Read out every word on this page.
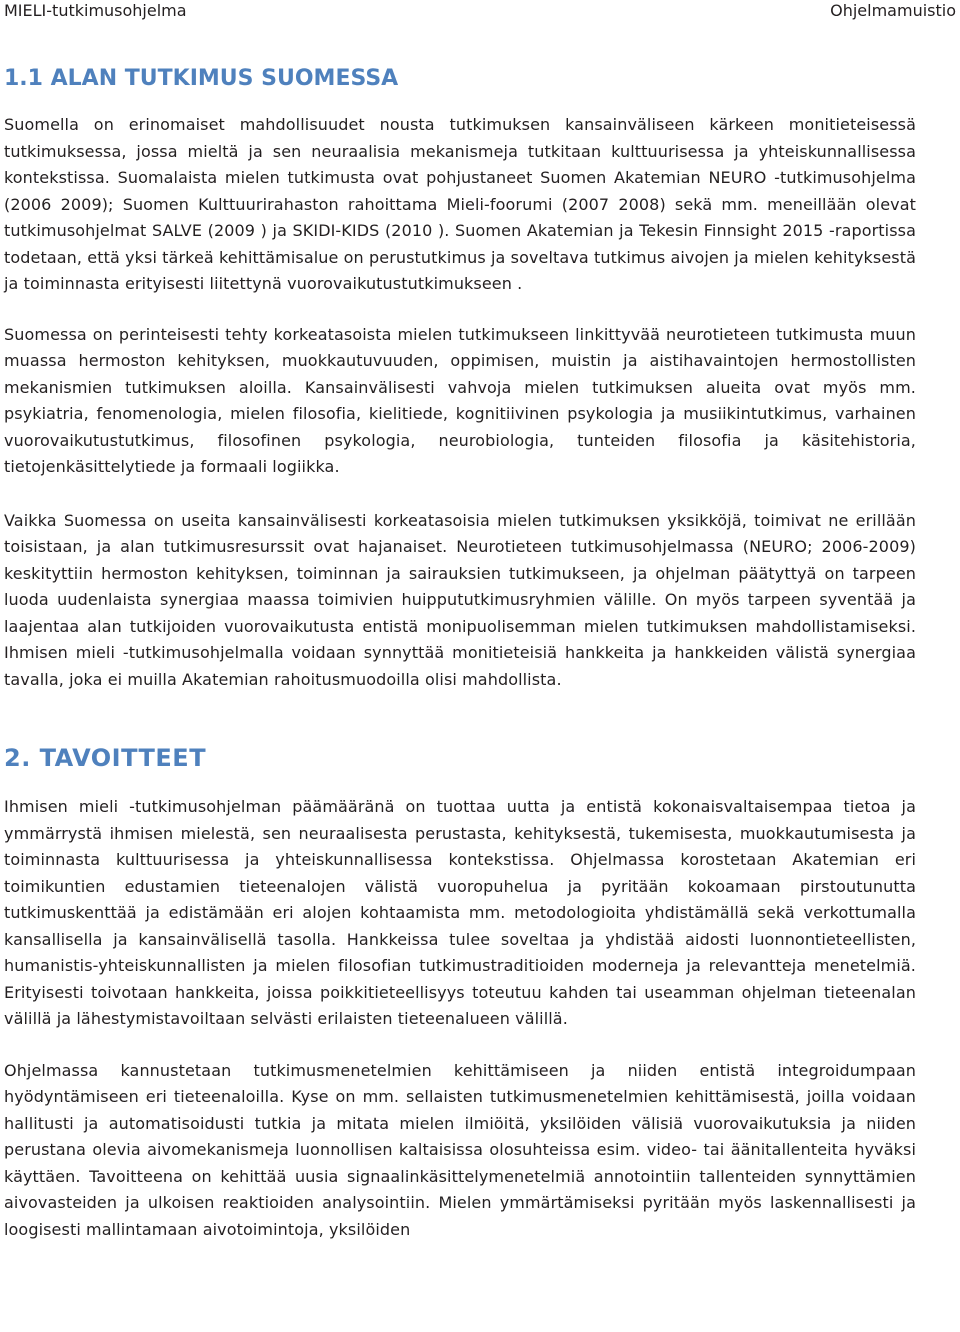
MIELI-tutkimusohjelma	Ohjelmamuistio
1.1 ALAN TUTKIMUS SUOMESSA

Suomella on erinomaiset mahdollisuudet nousta tutkimuksen kansainväliseen kärkeen monitieteisessä tutkimuksessa, jossa mieltä ja sen neuraalisia mekanismeja tutkitaan kulttuurisessa ja yhteiskunnallisessa kontekstissa. Suomalaista mielen tutkimusta ovat pohjustaneet Suomen Akatemian NEURO -tutkimusohjelma (2006 2009); Suomen Kulttuurirahaston rahoittama Mieli-foorumi (2007 2008) sekä mm. meneillään olevat tutkimusohjelmat SALVE (2009 ) ja SKIDI-KIDS (2010 ). Suomen Akatemian ja Tekesin Finnsight 2015 -raportissa todetaan, että yksi tärkeä kehittämisalue on perustutkimus ja soveltava tutkimus aivojen ja mielen kehityksestä ja toiminnasta erityisesti liitettynä vuorovaikutustutkimukseen .

Suomessa on perinteisesti tehty korkeatasoista mielen tutkimukseen linkittyvää neurotieteen tutkimusta muun muassa hermoston kehityksen, muokkautuvuuden, oppimisen, muistin ja aistihavaintojen hermostollisten mekanismien tutkimuksen aloilla. Kansainvälisesti vahvoja mielen tutkimuksen alueita ovat myös mm. psykiatria, fenomenologia, mielen filosofia, kielitiede, kognitiivinen psykologia ja musiikintutkimus, varhainen vuorovaikutustutkimus, filosofinen psykologia, neurobiologia, tunteiden filosofia ja käsitehistoria, tietojenkäsittelytiede ja formaali logiikka.

Vaikka Suomessa on useita kansainvälisesti korkeatasoisia mielen tutkimuksen yksikköjä, toimivat ne erillään toisistaan, ja alan tutkimusresurssit ovat hajanaiset. Neurotieteen tutkimusohjelmassa (NEURO; 2006-2009) keskityttiin hermoston kehityksen, toiminnan ja sairauksien tutkimukseen, ja ohjelman päätyttyä on tarpeen luoda uudenlaista synergiaa maassa toimivien huippututkimusryhmien välille. On myös tarpeen syventää ja laajentaa alan tutkijoiden vuorovaikutusta entistä monipuolisemman mielen tutkimuksen mahdollistamiseksi. Ihmisen mieli -tutkimusohjelmalla voidaan synnyttää monitieteisiä hankkeita ja hankkeiden välistä synergiaa tavalla, joka ei muilla Akatemian rahoitusmuodoilla olisi mahdollista.

2. TAVOITTEET

Ihmisen mieli -tutkimusohjelman päämääränä on tuottaa uutta ja entistä kokonaisvaltaisempaa tietoa ja ymmärrystä ihmisen mielestä, sen neuraalisesta perustasta, kehityksestä, tukemisesta, muokkautumisesta ja toiminnasta kulttuurisessa ja yhteiskunnallisessa kontekstissa. Ohjelmassa korostetaan Akatemian eri toimikuntien edustamien tieteenalojen välistä vuoropuhelua ja pyritään kokoamaan pirstoutunutta tutkimuskenttää ja edistämään eri alojen kohtaamista mm. metodologioita yhdistämällä sekä verkottumalla kansallisella ja kansainvälisellä tasolla. Hankkeissa tulee soveltaa ja yhdistää aidosti luonnontieteellisten, humanistis-yhteiskunnallisten ja mielen filosofian tutkimustraditioiden moderneja ja relevantteja menetelmiä. Erityisesti toivotaan hankkeita, joissa poikkitieteellisyys toteutuu kahden tai useamman ohjelman tieteenalan välillä ja lähestymistavoiltaan selvästi erilaisten tieteenalueen välillä.

Ohjelmassa kannustetaan tutkimusmenetelmien kehittämiseen ja niiden entistä integroidumpaan hyödyntämiseen eri tieteenaloilla. Kyse on mm. sellaisten tutkimusmenetelmien kehittämisestä, joilla voidaan hallitusti ja automatisoidusti tutkia ja mitata mielen ilmiöitä, yksilöiden välisiä vuorovaikutuksia ja niiden perustana olevia aivomekanismeja luonnollisen kaltaisissa olosuhteissa esim. video- tai äänitallenteita hyväksi käyttäen. Tavoitteena on kehittää uusia signaalinkäsittelymenetelmiä annotointiin tallenteiden synnyttämien aivovasteiden ja ulkoisen reaktioiden analysointiin. Mielen ymmärtämiseksi pyritään myös laskennallisesti ja loogisesti mallintamaan aivotoimintoja, yksilöiden
